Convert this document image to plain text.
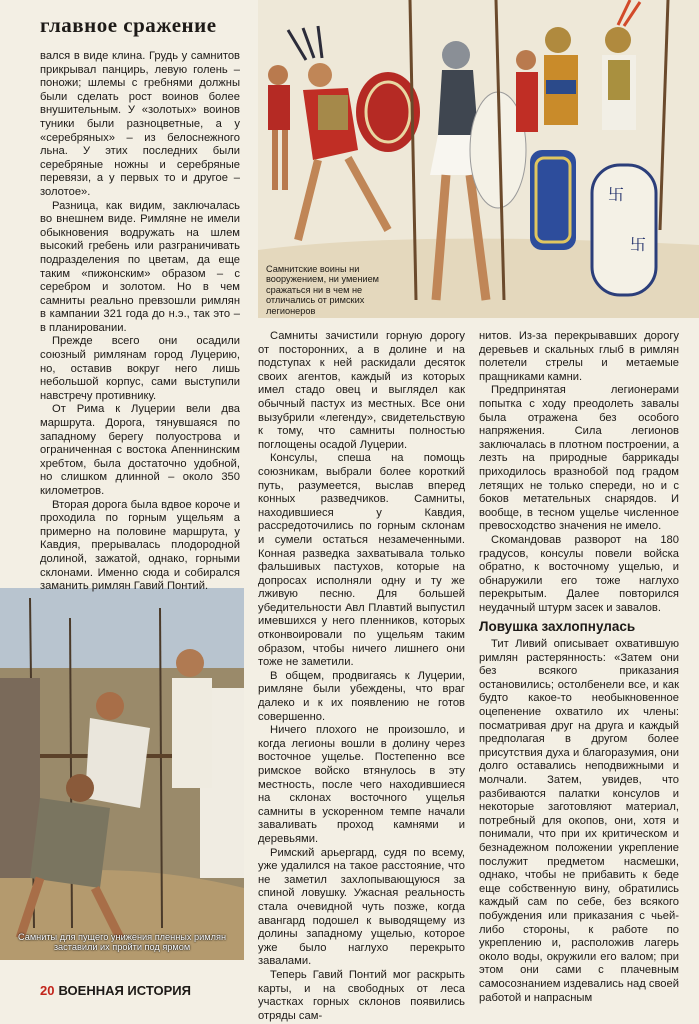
главное сражение
卐
卐
Самнитские воины ни вооружением, ни умением сражаться ни в чем не отличались от римских легионеров
Самниты для пущего унижения пленных римлян заставили их пройти под ярмом

вался в виде клина. Грудь у самнитов прикрывал панцирь, левую голень – поножи; шлемы с гребнями должны были сделать рост воинов более внушительным. У «золотых» воинов туники были разноцветные, а у «серебряных» – из белоснежного льна. У этих последних были серебряные ножны и серебряные перевязи, а у первых то и другое – золотое».

Разница, как видим, заключалась во внешнем виде. Римляне не имели обыкновения водружать на шлем высокий гребень или разграничивать подразделения по цветам, да еще таким «пижонским» образом – с серебром и золотом. Но в чем самниты реально превзошли римлян в кампании 321 года до н.э., так это – в планировании.

Прежде всего они осадили союзный римлянам город Луцерию, но, оставив вокруг него лишь небольшой корпус, сами выступили навстречу противнику.

От Рима к Луцерии вели два маршрута. Дорога, тянувшаяся по западному берегу полуострова и ограниченная с востока Апеннинским хребтом, была достаточно удобной, но слишком длинной – около 350 километров.

Вторая дорога была вдвое короче и проходила по горным ущельям а примерно на половине маршрута, у Кавдия, прерывалась плодородной долиной, зажатой, однако, горными склонами. Именно сюда и собирался заманить римлян Гавий Понтий.

Самниты зачистили горную дорогу от посторонних, а в долине и на подступах к ней раскидали десяток своих агентов, каждый из которых имел стадо овец и выглядел как обычный пастух из местных. Все они вызубрили «легенду», свидетельствую к тому, что самниты полностью поглощены осадой Луцерии.

Консулы, спеша на помощь союзникам, выбрали более короткий путь, разумеется, выслав вперед конных разведчиков. Самниты, находившиеся у Кавдия, рассредоточились по горным склонам и сумели остаться незамеченными. Конная разведка захватывала только фальшивых пастухов, которые на допросах исполняли одну и ту же лживую песню. Для большей убедительности Авл Плавтий выпустил имевшихся у него пленников, которых отконвоировали по ущельям таким образом, чтобы ничего лишнего они тоже не заметили.

В общем, продвигаясь к Луцерии, римляне были убеждены, что враг далеко и к их появлению не готов совершенно.

Ничего плохого не произошло, и когда легионы вошли в долину через восточное ущелье. Постепенно все римское войско втянулось в эту местность, после чего находившиеся на склонах восточного ущелья самниты в ускоренном темпе начали заваливать проход камнями и деревьями.

Римский арьергард, судя по всему, уже удалился на такое расстояние, что не заметил захлопывающуюся за спиной ловушку. Ужасная реальность стала очевидной чуть позже, когда авангард подошел к выводящему из долины западному ущелью, которое уже было наглухо перекрыто завалами.

Теперь Гавий Понтий мог раскрыть карты, и на свободных от леса участках горных склонов появились отряды сам-

нитов. Из-за перекрывавших дорогу деревьев и скальных глыб в римлян полетели стрелы и метаемые пращниками камни.

Предпринятая легионерами попытка с ходу преодолеть завалы была отражена без особого напряжения. Сила легионов заключалась в плотном построении, а лезть на природные баррикады приходилось вразнобой под градом летящих не только спереди, но и с боков метательных снарядов. И вообще, в тесном ущелье численное превосходство значения не имело.

Скомандовав разворот на 180 градусов, консулы повели войска обратно, к восточному ущелью, и обнаружили его тоже наглухо перекрытым. Далее повторился неудачный штурм засек и завалов.

Ловушка захлопнулась

Тит Ливий описывает охватившую римлян растерянность: «Затем они без всякого приказания остановились; остолбенели все, и как будто какое-то необыкновенное оцепенение охватило их члены: посматривая друг на друга и каждый предполагая в другом более присутствия духа и благоразумия, они долго оставались неподвижными и молчали. Затем, увидев, что разбиваются палатки консулов и некоторые заготовляют материал, потребный для окопов, они, хотя и понимали, что при их критическом и безнадежном положении укрепление послужит предметом насмешки, однако, чтобы не прибавить к беде еще собственную вину, обратились каждый сам по себе, без всякого побуждения или приказания с чьей-либо стороны, к работе по укреплению и, расположив лагерь около воды, окружили его валом; при этом они сами с плачевным самосознанием издевались над своей работой и напрасным

20 ВОЕННАЯ ИСТОРИЯ
